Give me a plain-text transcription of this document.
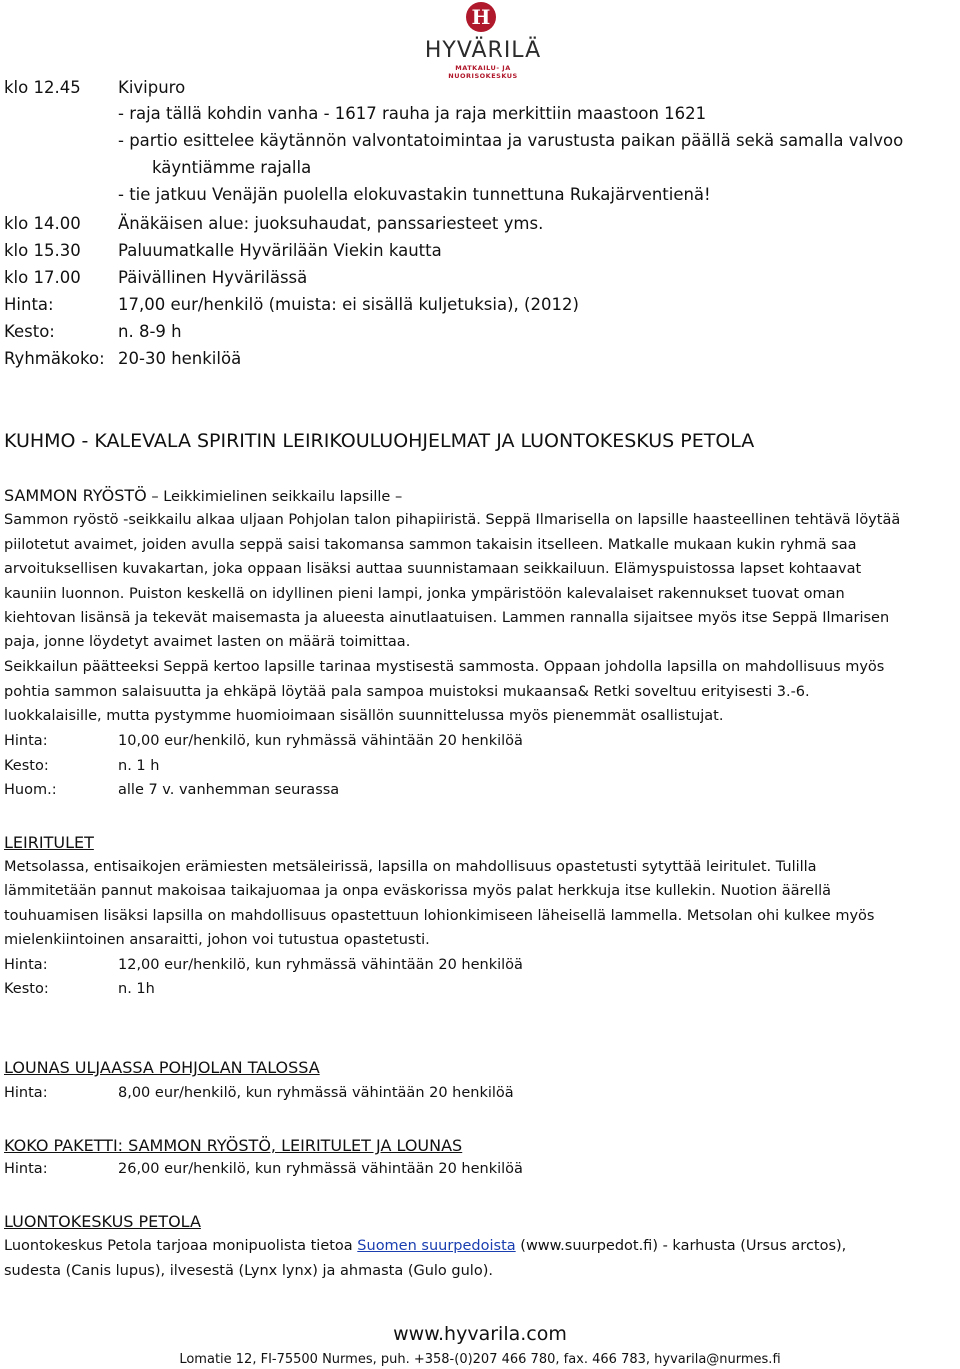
H
HYVÄRILÄ
MATKAILU- JA NUORISOKESKUS
klo 12.45 Kivipuro
- raja tällä kohdin vanha - 1617 rauha ja raja merkittiin maastoon 1621
- partio esittelee käytännön valvontatoimintaa ja varustusta paikan päällä sekä samalla valvoo
käyntiämme rajalla
- tie jatkuu Venäjän puolella elokuvastakin tunnettuna Rukajärventienä!
klo 14.00 Änäkäisen alue: juoksuhaudat, panssariesteet yms.
klo 15.30 Paluumatkalle Hyvärilään Viekin kautta
klo 17.00 Päivällinen Hyvärilässä
Hinta:	17,00 eur/henkilö (muista: ei sisällä kuljetuksia), (2012)
Kesto:	n. 8-9 h
Ryhmäkoko: 20-30 henkilöä
KUHMO - KALEVALA SPIRITIN LEIRIKOULUOHJELMAT JA LUONTOKESKUS PETOLA
SAMMON RYÖSTÖ – Leikkimielinen seikkailu lapsille –
Sammon ryöstö -seikkailu alkaa uljaan Pohjolan talon pihapiiristä. Seppä Ilmarisella on lapsille haasteellinen tehtävä löytää
piilotetut avaimet, joiden avulla seppä saisi takomansa sammon takaisin itselleen. Matkalle mukaan kukin ryhmä saa
arvoituksellisen kuvakartan, joka oppaan lisäksi auttaa suunnistamaan seikkailuun. Elämyspuistossa lapset kohtaavat
kauniin luonnon. Puiston keskellä on idyllinen pieni lampi, jonka ympäristöön kalevalaiset rakennukset tuovat oman
kiehtovan lisänsä ja tekevät maisemasta ja alueesta ainutlaatuisen. Lammen rannalla sijaitsee myös itse Seppä Ilmarisen
paja, jonne löydetyt avaimet lasten on määrä toimittaa.
Seikkailun päätteeksi Seppä kertoo lapsille tarinaa mystisestä sammosta. Oppaan johdolla lapsilla on mahdollisuus myös
pohtia sammon salaisuutta ja ehkäpä löytää pala sampoa muistoksi mukaansa& Retki soveltuu erityisesti 3.-6.
luokkalaisille, mutta pystymme huomioimaan sisällön suunnittelussa myös pienemmät osallistujat.
Hinta:	10,00 eur/henkilö, kun ryhmässä vähintään 20 henkilöä
Kesto:	n. 1 h
Huom.:	alle 7 v. vanhemman seurassa
LEIRITULET
Metsolassa, entisaikojen erämiesten metsäleirissä, lapsilla on mahdollisuus opastetusti sytyttää leiritulet. Tulilla
lämmitetään pannut makoisaa taikajuomaa ja onpa eväskorissa myös palat herkkuja itse kullekin. Nuotion äärellä
touhuamisen lisäksi lapsilla on mahdollisuus opastettuun lohionkimiseen läheisellä lammella. Metsolan ohi kulkee myös
mielenkiintoinen ansaraitti, johon voi tutustua opastetusti.
Hinta:	12,00 eur/henkilö, kun ryhmässä vähintään 20 henkilöä
Kesto:	n. 1h
LOUNAS ULJAASSA POHJOLAN TALOSSA
Hinta:	8,00 eur/henkilö, kun ryhmässä vähintään 20 henkilöä
KOKO PAKETTI: SAMMON RYÖSTÖ, LEIRITULET JA LOUNAS
Hinta:	26,00 eur/henkilö, kun ryhmässä vähintään 20 henkilöä
LUONTOKESKUS PETOLA
Luontokeskus Petola tarjoaa monipuolista tietoa Suomen suurpedoista (www.suurpedot.fi) - karhusta (Ursus arctos),
sudesta (Canis lupus), ilvesestä (Lynx lynx) ja ahmasta (Gulo gulo).
www.hyvarila.com
Lomatie 12, FI-75500 Nurmes, puh. +358-(0)207 466 780, fax. 466 783, hyvarila@nurmes.fi
